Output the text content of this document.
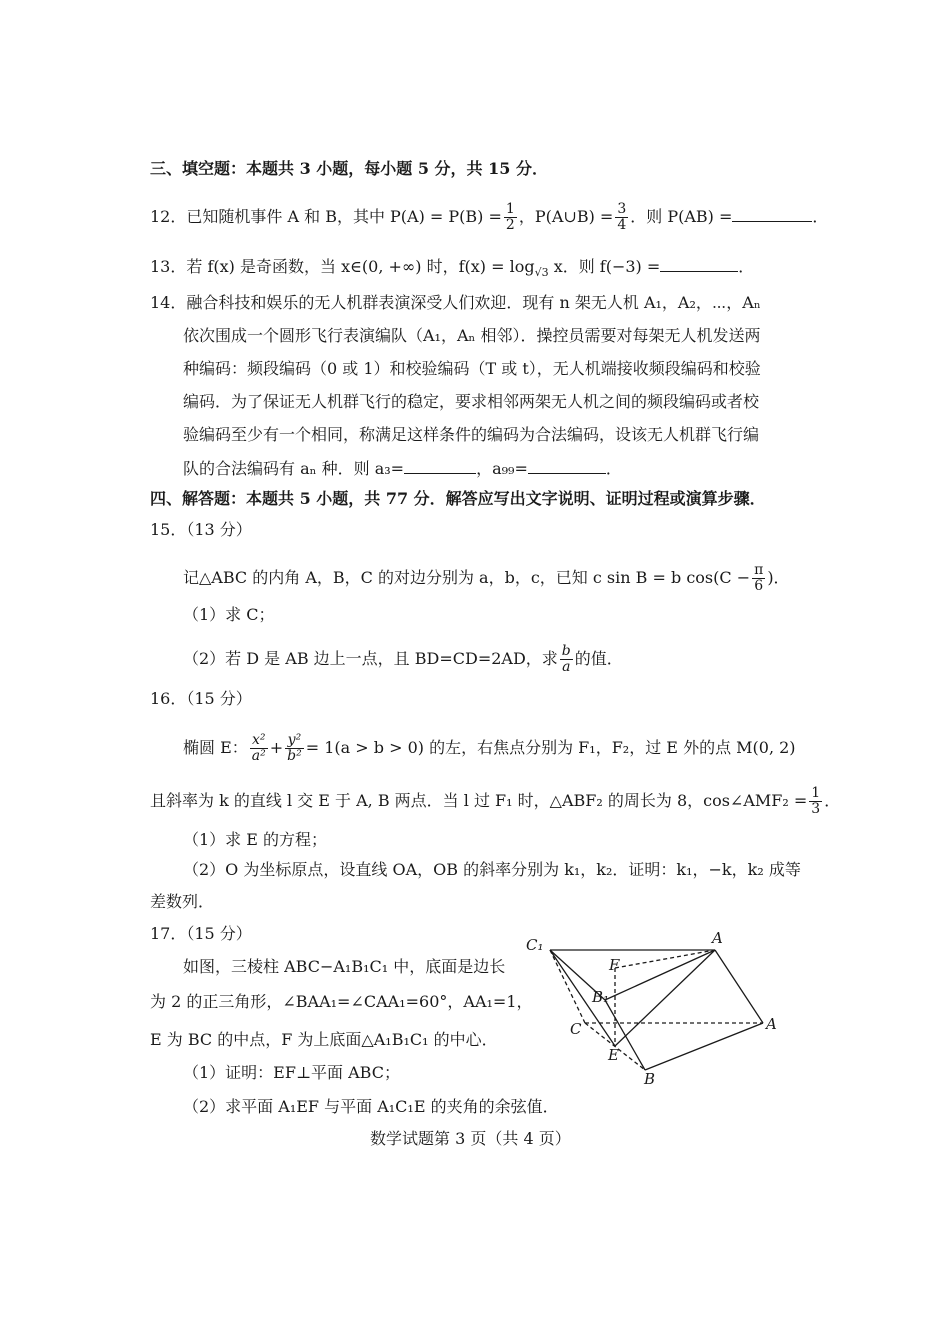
三、填空题：本题共 3 小题，每小题 5 分，共 15 分．
12．已知随机事件 A 和 B，其中 $P(A) = P(B) = \frac{1}{2}$ ，P(A∪B) = $\frac{3}{4}$ ．则 P(AB) =	．
13．若 f(x) 是奇函数，当 x∈(0, +∞) 时，$f(x) = \log_{√3} x$．则 f(−3) =	．
14．融合科技和娱乐的无人机群表演深受人们欢迎．现有 n 架无人机 A₁，A₂，⋯，Aₙ
依次围成一个圆形飞行表演编队（A₁，Aₙ 相邻）．操控员需要对每架无人机发送两
种编码：频段编码（0 或 1）和校验编码（T 或 t），无人机端接收频段编码和校验
编码．为了保证无人机群飞行的稳定，要求相邻两架无人机之间的频段编码或者校
验编码至少有一个相同，称满足这样条件的编码为合法编码，设该无人机群飞行编
队的合法编码有 aₙ 种．则 a₃=	，a₉₉=	．
四、解答题：本题共 5 小题，共 77 分．解答应写出文字说明、证明过程或演算步骤．
15．（13 分）
记△ABC 的内角 A，B，C 的对边分别为 a，b，c，已知 c sin B = b $\cos(C - \frac{\pi}{6}$ )．
（1）求 C；
（2）若 D 是 AB 边上一点，且 BD=CD=2AD，求 $\frac{b}{a}$ 的值．
16．（15 分）
椭圆 E： $\frac{\text{x²}}{\text{a²}} + \frac{\text{y²}}{\text{b²}} = 1(a > b > 0)$ 的左，右焦点分别为 F₁，F₂，过 E 外的点 M(0, 2)
且斜率为 k 的直线 l 交 E 于 A, B 两点．当 l 过 F₁ 时，△ABF₂ 的周长为 8，cos∠AMF₂ = $\frac{1}{3}$ ．
（1）求 E 的方程；
（2）O 为坐标原点，设直线 OA，OB 的斜率分别为 k₁，k₂．证明：k₁，−k，k₂ 成等
差数列．
17．（15 分）
如图，三棱柱 ABC−A₁B₁C₁ 中，底面是边长
为 2 的正三角形，∠BAA₁=∠CAA₁=60°，AA₁=1，
E 为 BC 的中点，F 为上底面△A₁B₁C₁ 的中心．
（1）证明：EF⊥平面 ABC；
（2）求平面 A₁EF 与平面 A₁C₁E 的夹角的余弦值．
C₁	A
F
B₁
C	A
E
B
数学试题第 3 页（共 4 页）
